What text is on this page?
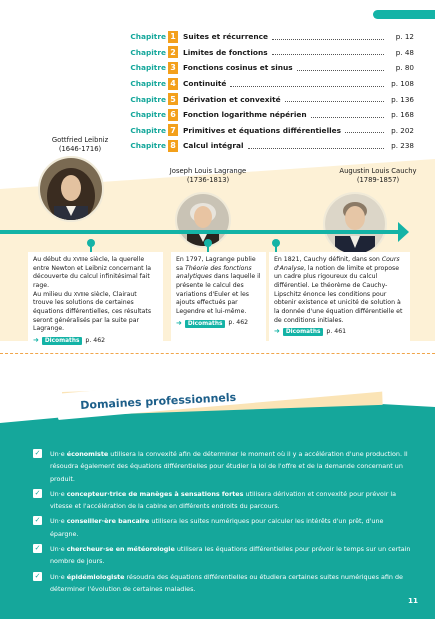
Chapitre 1 Suites et récurrence	p. 12
Chapitre 2 Limites de fonctions	p. 48
Chapitre 3 Fonctions cosinus et sinus	p. 80
Chapitre 4 Continuité	p. 108
Chapitre 5 Dérivation et convexité	p. 136
Chapitre 6 Fonction logarithme népérien	p. 168
Chapitre 7 Primitives et équations différentielles	p. 202
Chapitre 8 Calcul intégral	p. 238
Gottfried Leibniz
(1646-1716)
Joseph Louis Lagrange
(1736-1813)
Augustin Louis Cauchy
(1789-1857)
Au début du XVIIIe siècle, la querelle entre Newton et Leibniz concernant la découverte du calcul infinitésimal fait rage.
Au milieu du XVIIIe siècle, Clairaut trouve les solutions de certaines équations différentielles, ces résultats seront généralisés par la suite par Lagrange.

➜	Dicomaths p. 462
En 1797, Lagrange publie sa Théorie des fonctions analytiques dans laquelle il présente le calcul des variations d'Euler et les ajouts effectués par Legendre et lui-même.

➜	Dicomaths p. 462
En 1821, Cauchy définit, dans son Cours d'Analyse, la notion de limite et propose un cadre plus rigoureux du calcul différentiel. Le théorème de Cauchy-Lipschitz énonce les conditions pour obtenir existence et unicité de solution à la donnée d'une équation différentielle et de conditions initiales.

➜	Dicomaths p. 461
Domaines professionnels
✓ Un·e économiste utilisera la convexité afin de déterminer le moment où il y a accélération d'une production. Il résoudra également des équations différentielles pour étudier la loi de l'offre et de la demande concernant un produit.
✓ Un·e concepteur·trice de manèges à sensations fortes utilisera dérivation et convexité pour prévoir la vitesse et l'accélération de la cabine en différents endroits du parcours.
✓ Un·e conseiller·ère bancaire utilisera les suites numériques pour calculer les intérêts d'un prêt, d'une épargne.
✓ Un·e chercheur·se en météorologie utilisera les équations différentielles pour prévoir le temps sur un certain nombre de jours.
✓ Un·e épidémiologiste résoudra des équations différentielles ou étudiera certaines suites numériques afin de déterminer l'évolution de certaines maladies.
11
